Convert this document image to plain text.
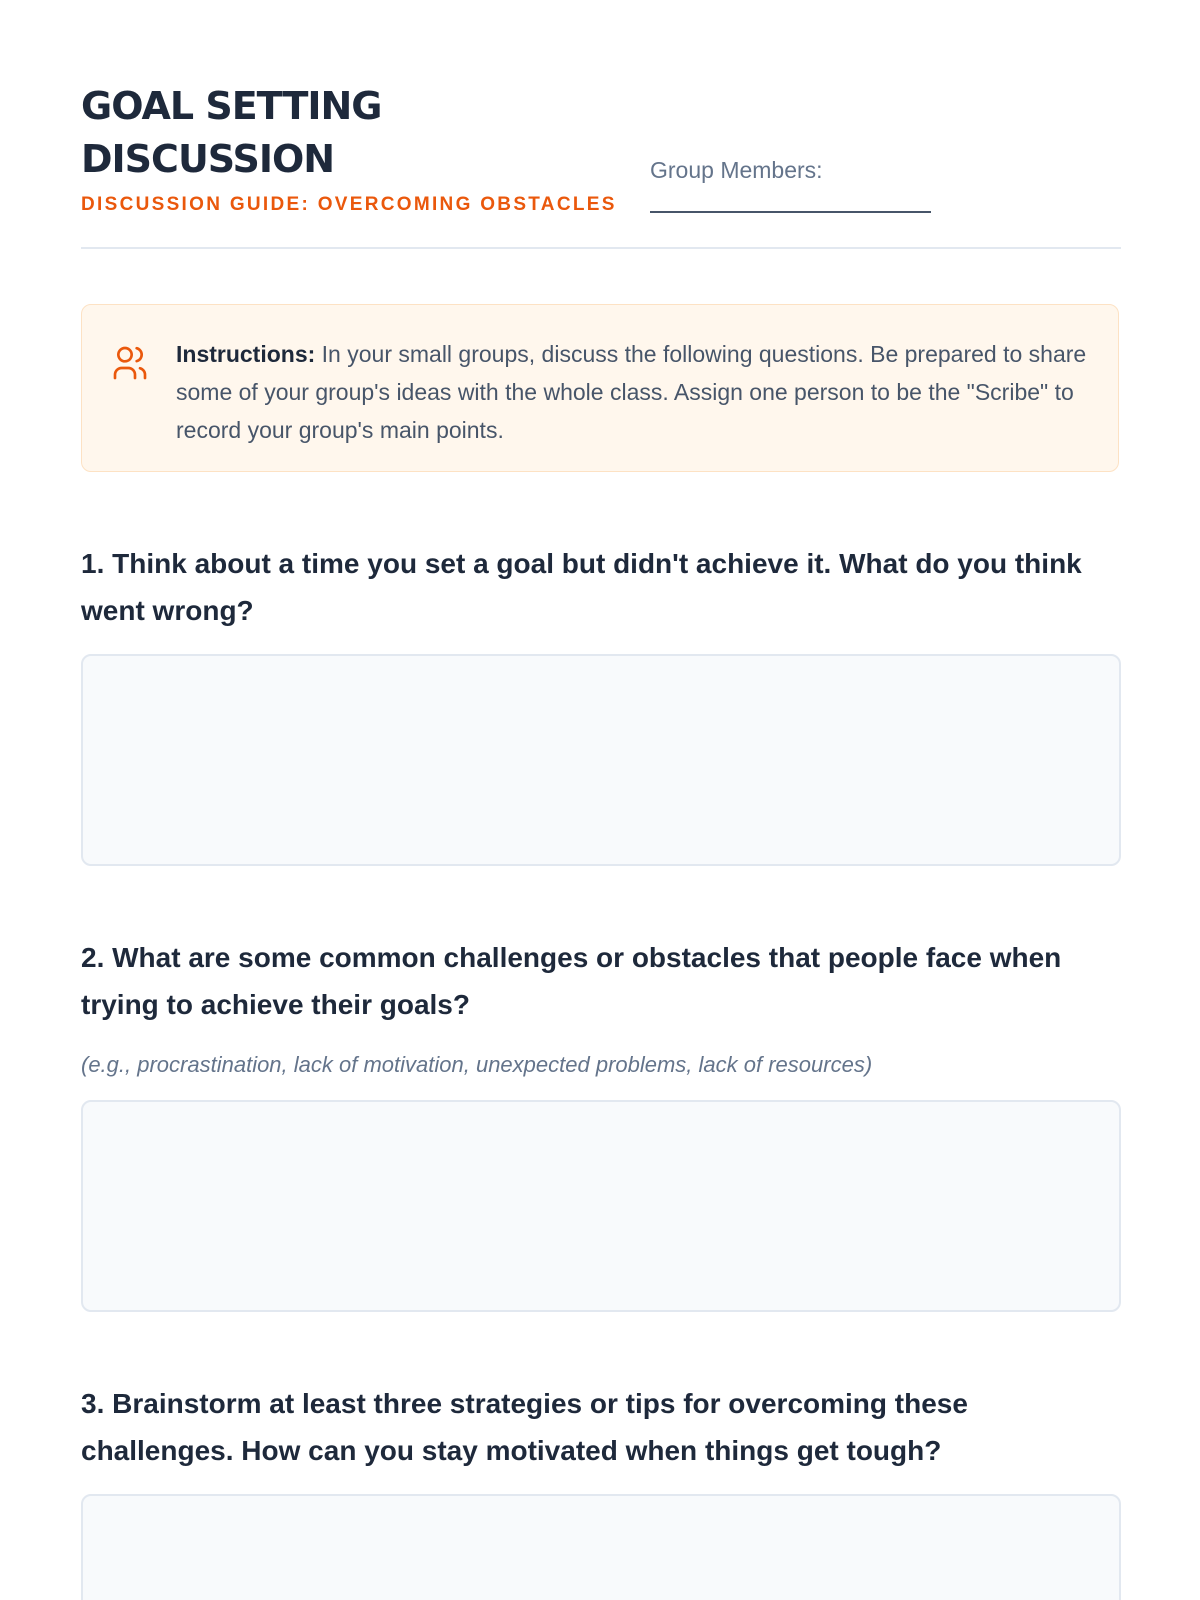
GOAL SETTING DISCUSSION
DISCUSSION GUIDE: OVERCOMING OBSTACLES
Group Members:

Instructions: In your small groups, discuss the following questions. Be prepared to share some of your group's ideas with the whole class. Assign one person to be the "Scribe" to record your group's main points.

1. Think about a time you set a goal but didn't achieve it. What do you think went wrong?

2. What are some common challenges or obstacles that people face when trying to achieve their goals?

(e.g., procrastination, lack of motivation, unexpected problems, lack of resources)

3. Brainstorm at least three strategies or tips for overcoming these challenges. How can you stay motivated when things get tough?
